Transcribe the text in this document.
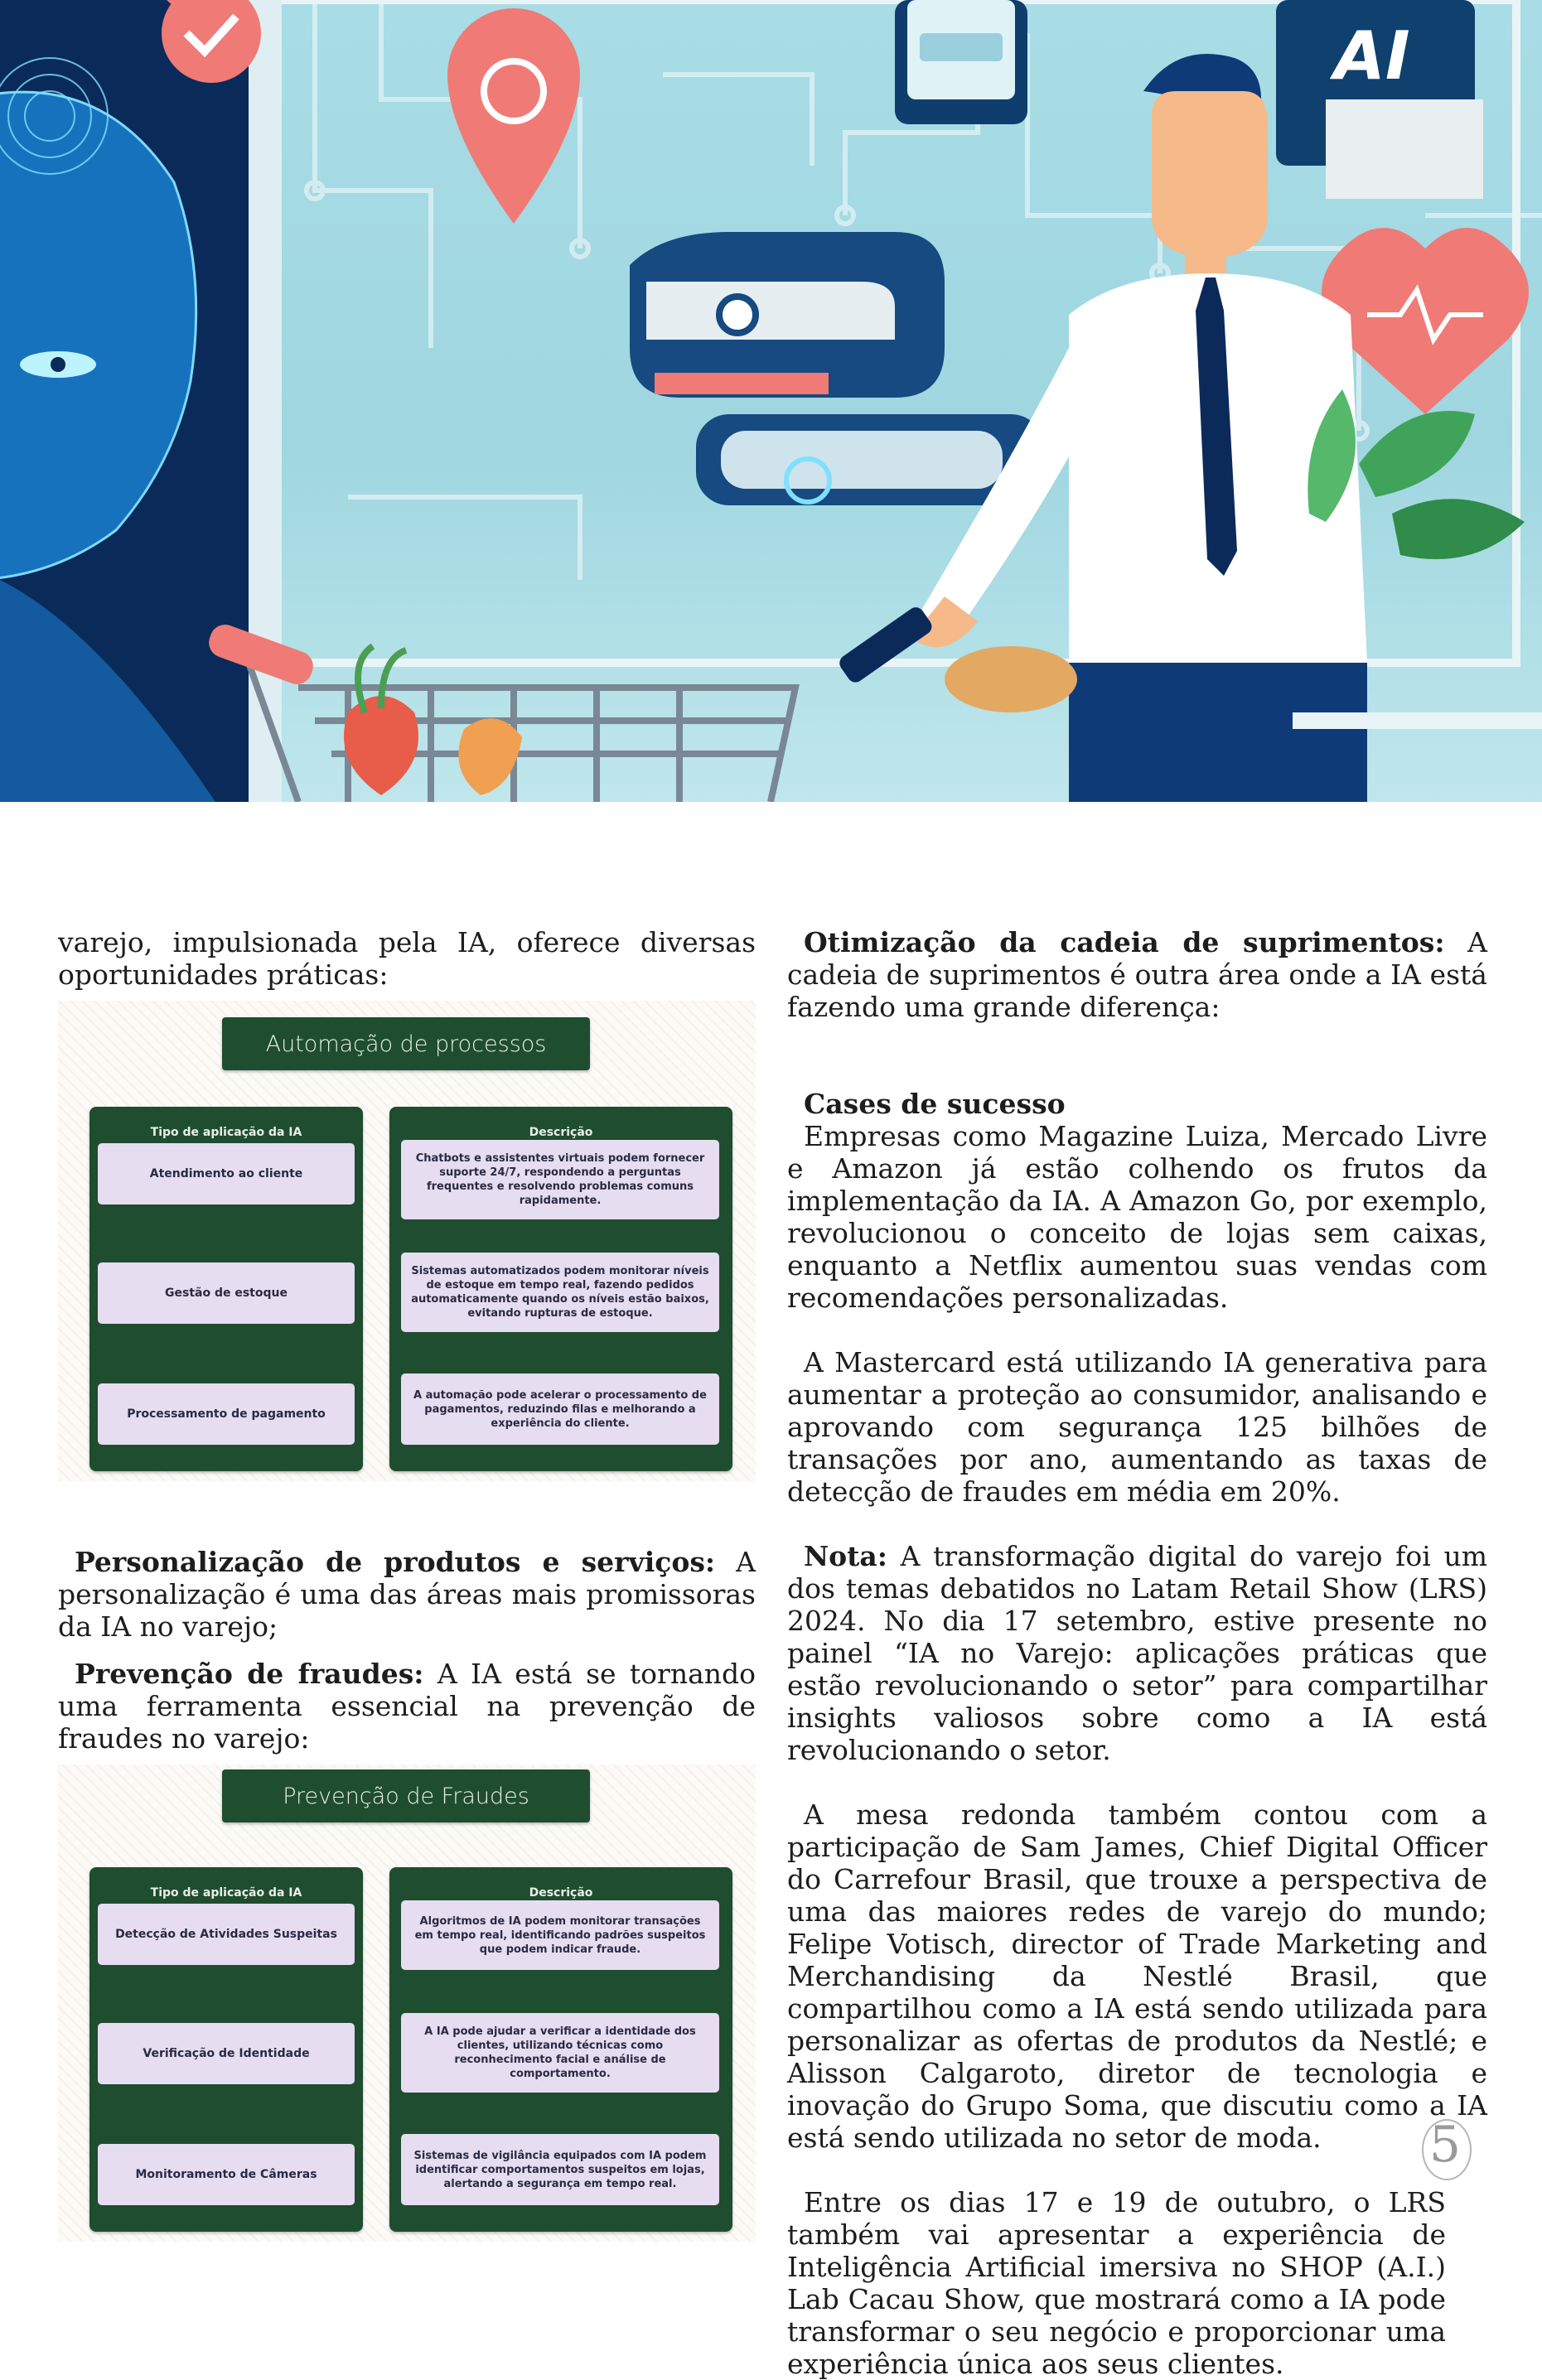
AI

varejo, impulsionada pela IA, oferece diversas oportunidades práticas:

Automação de processos
Tipo de aplicação da IA
Atendimento ao cliente
Gestão de estoque
Processamento de pagamento
Descrição
Chatbots e assistentes virtuais podem fornecer suporte 24/7, respondendo a perguntas frequentes e resolvendo problemas comuns rapidamente.
Sistemas automatizados podem monitorar níveis de estoque em tempo real, fazendo pedidos automaticamente quando os níveis estão baixos, evitando rupturas de estoque.
A automação pode acelerar o processamento de pagamentos, reduzindo filas e melhorando a experiência do cliente.

Personalização de produtos e serviços: A personalização é uma das áreas mais promissoras da IA no varejo;

Prevenção de fraudes: A IA está se tornando uma ferramenta essencial na prevenção de fraudes no varejo:

Prevenção de Fraudes
Tipo de aplicação da IA
Detecção de Atividades Suspeitas
Verificação de Identidade
Monitoramento de Câmeras
Descrição
Algoritmos de IA podem monitorar transações em tempo real, identificando padrões suspeitos que podem indicar fraude.
A IA pode ajudar a verificar a identidade dos clientes, utilizando técnicas como reconhecimento facial e análise de comportamento.
Sistemas de vigilância equipados com IA podem identificar comportamentos suspeitos em lojas, alertando a segurança em tempo real.

Otimização da cadeia de suprimentos: A cadeia de suprimentos é outra área onde a IA está fazendo uma grande diferença:

Cases de sucesso

Empresas como Magazine Luiza, Mercado Livre e Amazon já estão colhendo os frutos da implementação da IA. A Amazon Go, por exemplo, revolucionou o conceito de lojas sem caixas, enquanto a Netflix aumentou suas vendas com recomendações personalizadas.

A Mastercard está utilizando IA generativa para aumentar a proteção ao consumidor, analisando e aprovando com segurança 125 bilhões de transações por ano, aumentando as taxas de detecção de fraudes em média em 20%.

Nota: A transformação digital do varejo foi um dos temas debatidos no Latam Retail Show (LRS) 2024. No dia 17 setembro, estive presente no painel “IA no Varejo: aplicações práticas que estão revolucionando o setor” para compartilhar insights valiosos sobre como a IA está revolucionando o setor.

A mesa redonda também contou com a participação de Sam James, Chief Digital Officer do Carrefour Brasil, que trouxe a perspectiva de uma das maiores redes de varejo do mundo; Felipe Votisch, director of Trade Marketing and Merchandising da Nestlé Brasil, que compartilhou como a IA está sendo utilizada para personalizar as ofertas de produtos da Nestlé; e Alisson Calgaroto, diretor de tecnologia e inovação do Grupo Soma, que discutiu como a IA está sendo utilizada no setor de moda.

Entre os dias 17 e 19 de outubro, o LRS também vai apresentar a experiência de Inteligência Artificial imersiva no SHOP (A.I.) Lab Cacau Show, que mostrará como a IA pode transformar o seu negócio e proporcionar uma experiência única aos seus clientes.

5
